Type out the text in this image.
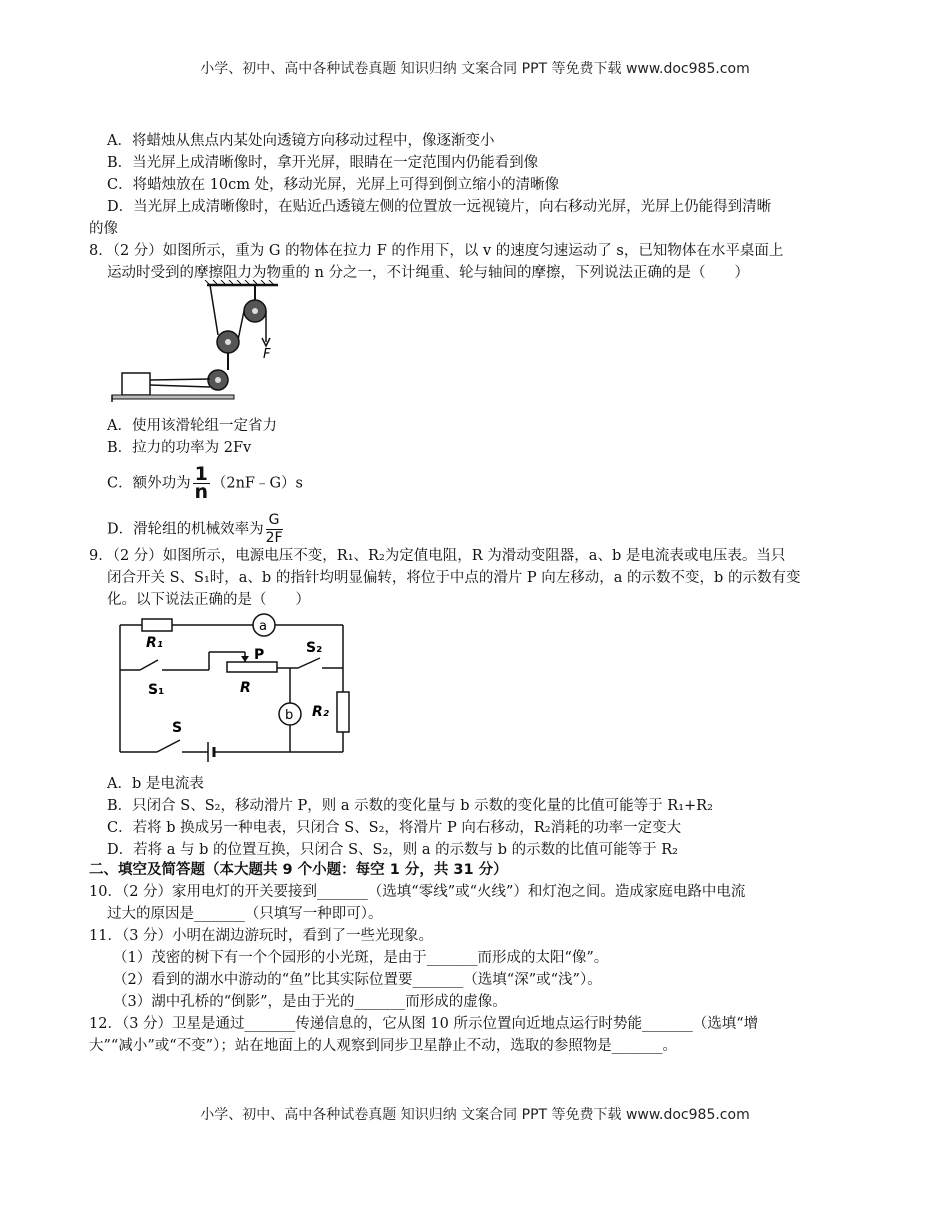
小学、初中、高中各种试卷真题 知识归纳 文案合同 PPT 等免费下载 www.doc985.com
A．将蜡烛从焦点内某处向透镜方向移动过程中，像逐渐变小
B．当光屏上成清晰像时，拿开光屏，眼睛在一定范围内仍能看到像
C．将蜡烛放在 10cm 处，移动光屏，光屏上可得到倒立缩小的清晰像
D．当光屏上成清晰像时，在贴近凸透镜左侧的位置放一远视镜片，向右移动光屏，光屏上仍能得到清晰
的像
8．（2 分）如图所示，重为 G 的物体在拉力 F 的作用下，以 v 的速度匀速运动了 s，已知物体在水平桌面上
运动时受到的摩擦阻力为物重的 n 分之一，不计绳重、轮与轴间的摩擦，下列说法正确的是（　　）
F
A．使用该滑轮组一定省力
B．拉力的功率为 2Fv
C．额外功为 $\frac{1}{n}$ （2nF﹣G）s
D．滑轮组的机械效率为 $\frac{G}{2F}$
9．（2 分）如图所示，电源电压不变，R₁、R₂为定值电阻，R 为滑动变阻器，a、b 是电流表或电压表。当只
闭合开关 S、S₁时，a、b 的指针均明显偏转，将位于中点的滑片 P 向左移动，a 的示数不变，b 的示数有变
化。以下说法正确的是（　　）
a
b
R₁
S₁
P
R
S₂
R₂
S
A．b 是电流表
B．只闭合 S、S₂，移动滑片 P，则 a 示数的变化量与 b 示数的变化量的比值可能等于 R₁+R₂
C．若将 b 换成另一种电表，只闭合 S、S₂，将滑片 P 向右移动，R₂消耗的功率一定变大
D．若将 a 与 b 的位置互换，只闭合 S、S₂，则 a 的示数与 b 的示数的比值可能等于 R₂
二、填空及简答题（本大题共 9 个小题：每空 1 分，共 31 分）
10．（2 分）家用电灯的开关要接到_______（选填“零线”或“火线”）和灯泡之间。造成家庭电路中电流
过大的原因是_______（只填写一种即可）。
11．（3 分）小明在湖边游玩时，看到了一些光现象。
（1）茂密的树下有一个个园形的小光斑，是由于_______而形成的太阳“像”。
（2）看到的湖水中游动的“鱼”比其实际位置要_______（选填“深”或“浅”）。
（3）湖中孔桥的“倒影”，是由于光的_______而形成的虚像。
12．（3 分）卫星是通过_______传递信息的，它从图 10 所示位置向近地点运行时势能_______（选填“增
大”“减小”或“不变”）；站在地面上的人观察到同步卫星静止不动，选取的参照物是_______。
小学、初中、高中各种试卷真题 知识归纳 文案合同 PPT 等免费下载 www.doc985.com
